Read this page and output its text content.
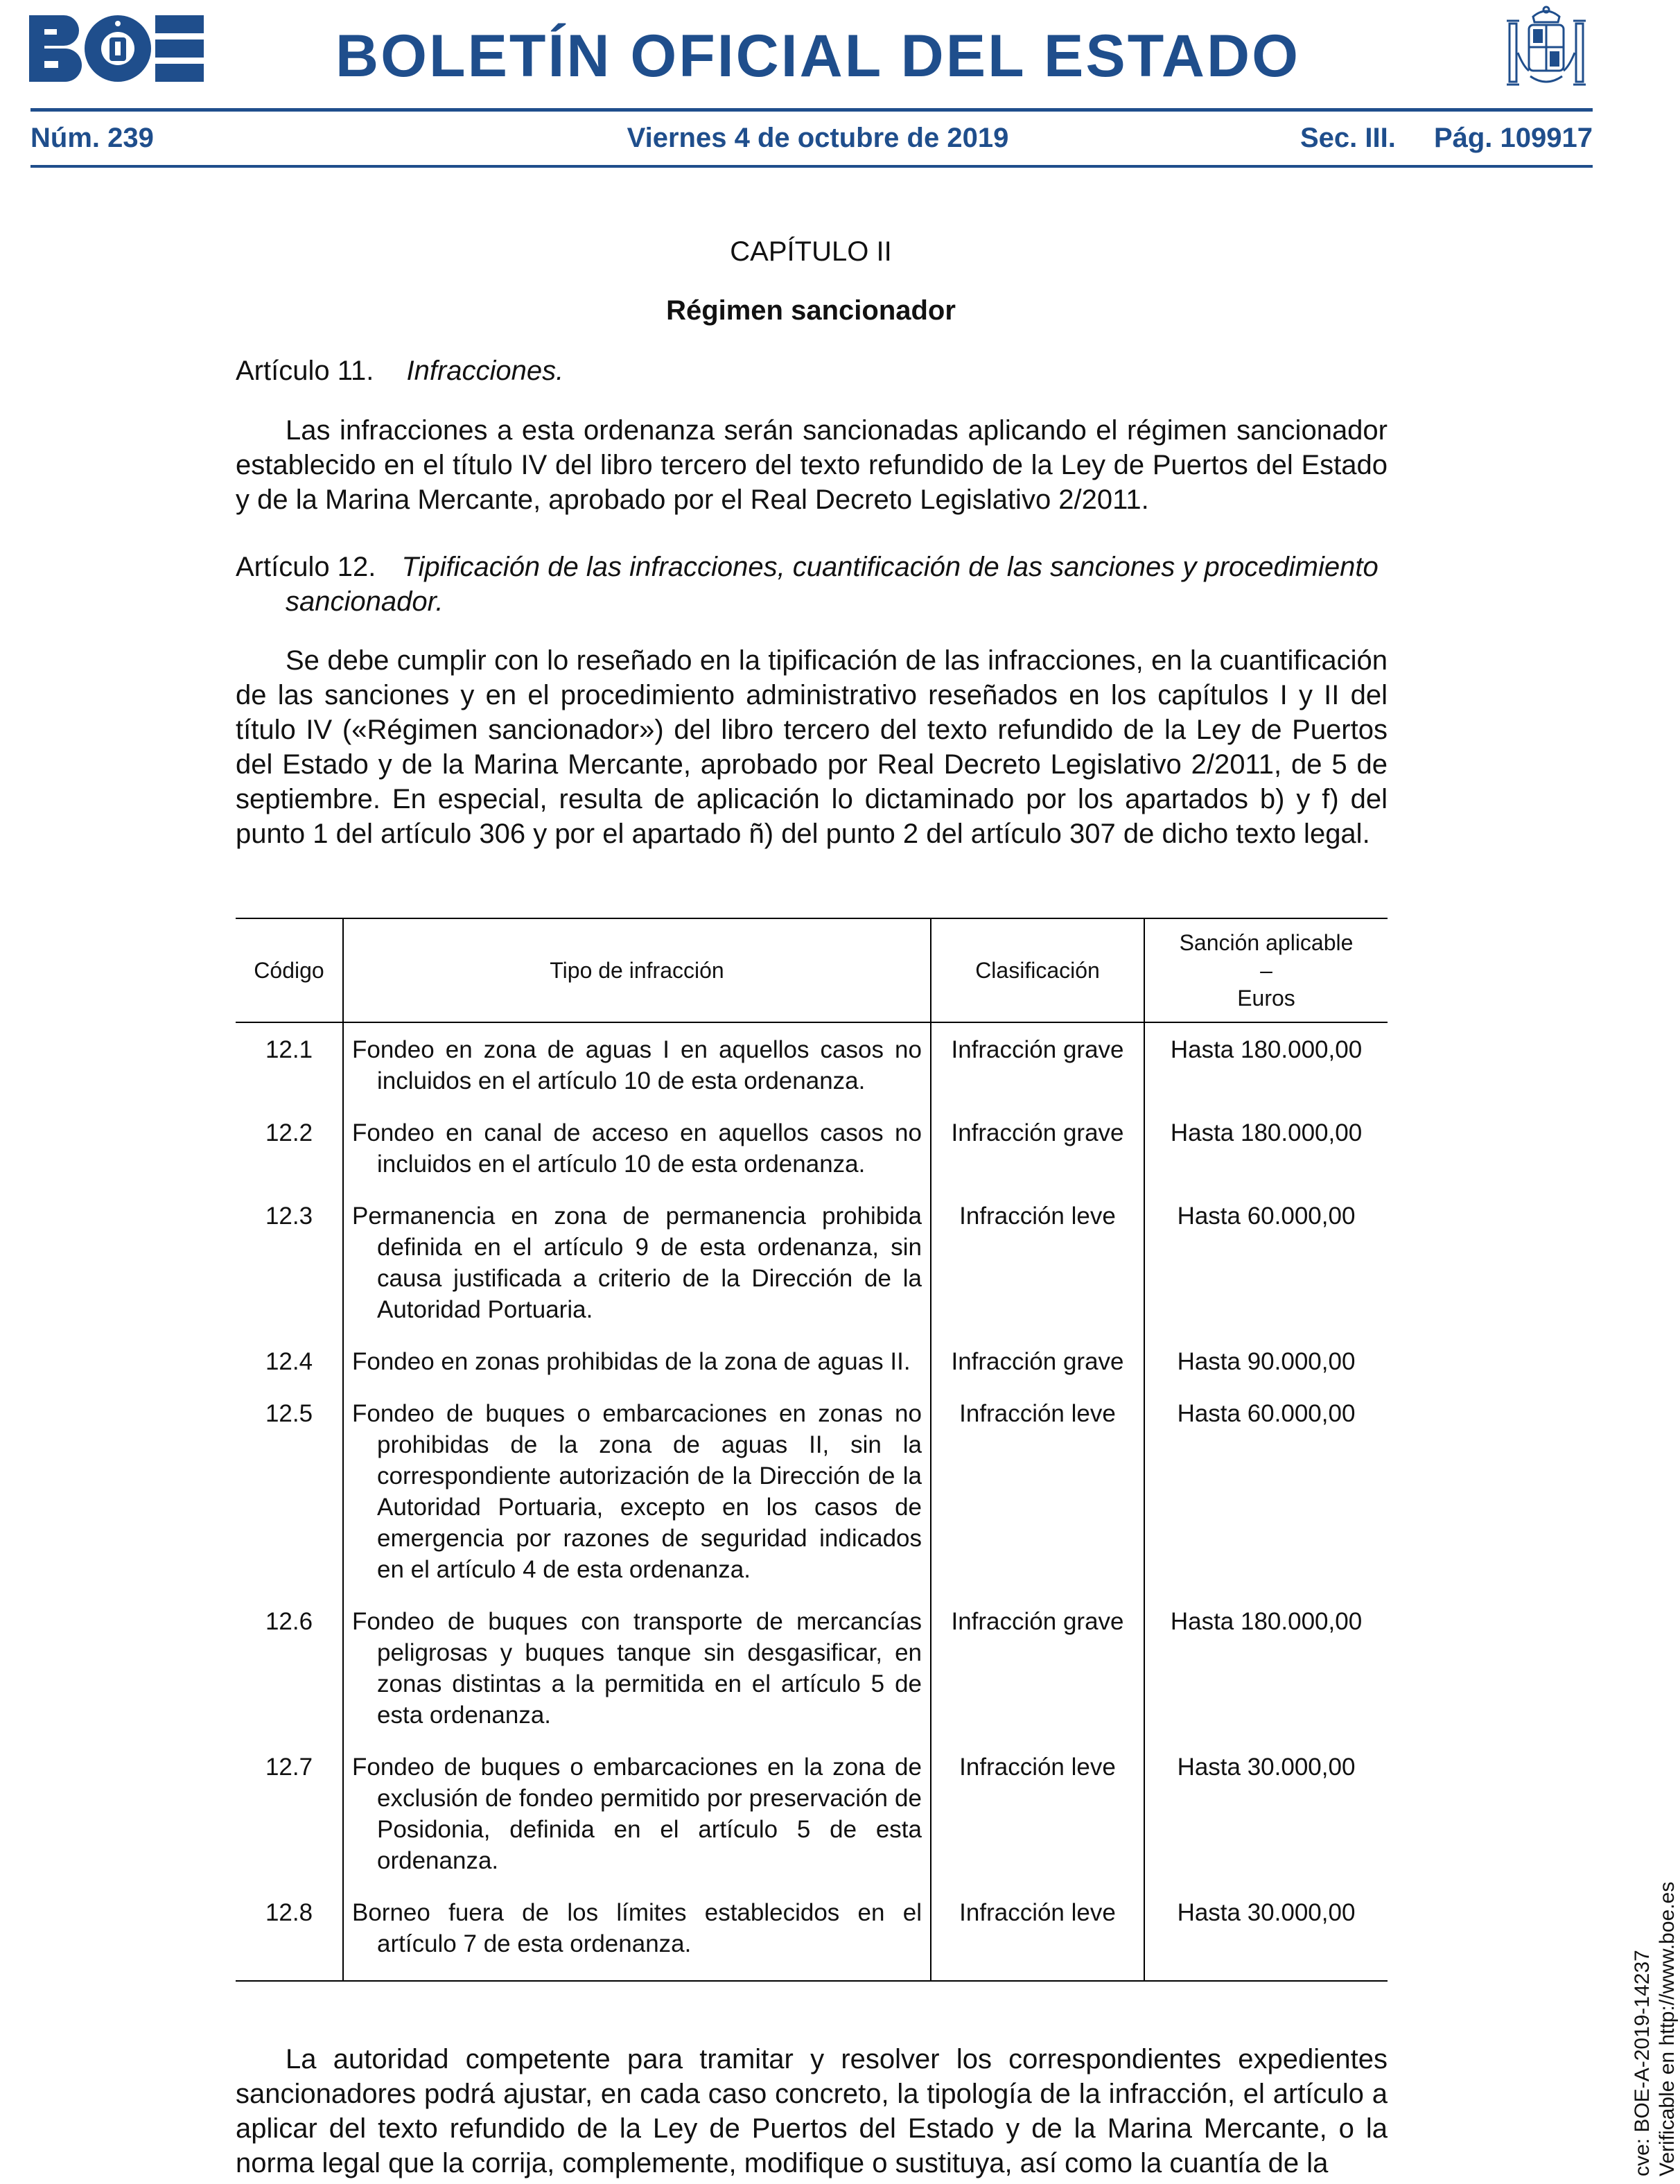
BOLETÍN OFICIAL DEL ESTADO
Núm. 239	Viernes 4 de octubre de 2019	Sec. III. Pág. 109917
CAPÍTULO II
Régimen sancionador
Artículo 11. Infracciones.
Las infracciones a esta ordenanza serán sancionadas aplicando el régimen sancionador establecido en el título IV del libro tercero del texto refundido de la Ley de Puertos del Estado y de la Marina Mercante, aprobado por el Real Decreto Legislativo 2/2011.
Artículo 12. Tipificación de las infracciones, cuantificación de las sanciones y procedimiento sancionador.
Se debe cumplir con lo reseñado en la tipificación de las infracciones, en la cuantificación de las sanciones y en el procedimiento administrativo reseñados en los capítulos I y II del título IV («Régimen sancionador») del libro tercero del texto refundido de la Ley de Puertos del Estado y de la Marina Mercante, aprobado por Real Decreto Legislativo 2/2011, de 5 de septiembre. En especial, resulta de aplicación lo dictaminado por los apartados b) y f) del punto 1 del artículo 306 y por el apartado ñ) del punto 2 del artículo 307 de dicho texto legal.
Código	Tipo de infracción	Clasificación	Sanción aplicable
–
Euros
12.1	Fondeo en zona de aguas I en aquellos casos no incluidos en el artículo 10 de esta ordenanza.	Infracción grave	Hasta 180.000,00
12.2	Fondeo en canal de acceso en aquellos casos no incluidos en el artículo 10 de esta ordenanza.	Infracción grave	Hasta 180.000,00
12.3	Permanencia en zona de permanencia prohibida definida en el artículo 9 de esta ordenanza, sin causa justificada a criterio de la Dirección de la Autoridad Portuaria.	Infracción leve	Hasta 60.000,00
12.4	Fondeo en zonas prohibidas de la zona de aguas II.	Infracción grave	Hasta 90.000,00
12.5	Fondeo de buques o embarcaciones en zonas no prohibidas de la zona de aguas II, sin la correspondiente autorización de la Dirección de la Autoridad Portuaria, excepto en los casos de emergencia por razones de seguridad indicados en el artículo 4 de esta ordenanza.	Infracción leve	Hasta 60.000,00
12.6	Fondeo de buques con transporte de mercancías peligrosas y buques tanque sin desgasificar, en zonas distintas a la permitida en el artículo 5 de esta ordenanza.	Infracción grave	Hasta 180.000,00
12.7	Fondeo de buques o embarcaciones en la zona de exclusión de fondeo permitido por preservación de Posidonia, definida en el artículo 5 de esta ordenanza.	Infracción leve	Hasta 30.000,00
12.8	Borneo fuera de los límites establecidos en el artículo 7 de esta ordenanza.	Infracción leve	Hasta 30.000,00
La autoridad competente para tramitar y resolver los correspondientes expedientes sancionadores podrá ajustar, en cada caso concreto, la tipología de la infracción, el artículo a aplicar del texto refundido de la Ley de Puertos del Estado y de la Marina Mercante, o la norma legal que la corrija, complemente, modifique o sustituya, así como la cuantía de la	cve: BOE-A-2019-14237 Verificable en http://www.boe.es
